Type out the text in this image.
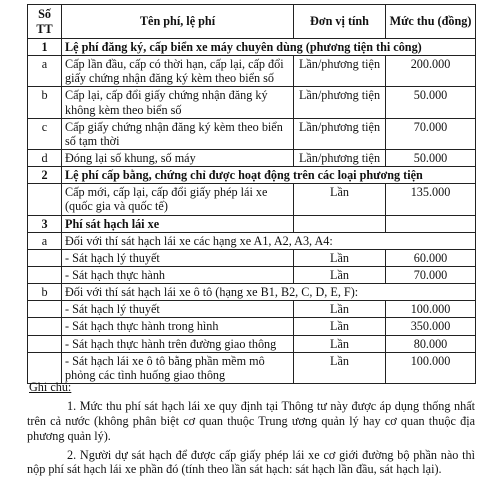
Số TT	Tên phí, lệ phí	Đơn vị tính	Mức thu (đồng)
1	Lệ phí đăng ký, cấp biển xe máy chuyên dùng (phương tiện thi công)		
a	Cấp lần đầu, cấp có thời hạn, cấp lại, cấp đổi giấy chứng nhận đăng ký kèm theo biển số	Lần/phương tiện	200.000
b	Cấp lại, cấp đổi giấy chứng nhận đăng ký không kèm theo biển số	Lần/phương tiện	50.000
c	Cấp giấy chứng nhận đăng ký kèm theo biển số tạm thời	Lần/phương tiện	70.000
d	Đóng lại số khung, số máy	Lần/phương tiện	50.000
2	Lệ phí cấp bằng, chứng chỉ được hoạt động trên các loại phương tiện		
	Cấp mới, cấp lại, cấp đổi giấy phép lái xe (quốc gia và quốc tế)	Lần	135.000
3	Phí sát hạch lái xe		
a	Đối với thí sát hạch lái xe các hạng xe A1, A2, A3, A4:		
	- Sát hạch lý thuyết	Lần	60.000
	- Sát hạch thực hành	Lần	70.000
b	Đối với thí sát hạch lái xe ô tô (hạng xe B1, B2, C, D, E, F):		
	- Sát hạch lý thuyết	Lần	100.000
	- Sát hạch thực hành trong hình	Lần	350.000
	- Sát hạch thực hành trên đường giao thông	Lần	80.000
	- Sát hạch lái xe ô tô bằng phần mềm mô phỏng các tình huống giao thông	Lần	100.000

Ghi chú:

1. Mức thu phí sát hạch lái xe quy định tại Thông tư này được áp dụng thống nhất trên cả nước (không phân biệt cơ quan thuộc Trung ương quản lý hay cơ quan thuộc địa phương quản lý).

2. Người dự sát hạch để được cấp giấy phép lái xe cơ giới đường bộ phần nào thì nộp phí sát hạch lái xe phần đó (tính theo lần sát hạch: sát hạch lần đầu, sát hạch lại).
